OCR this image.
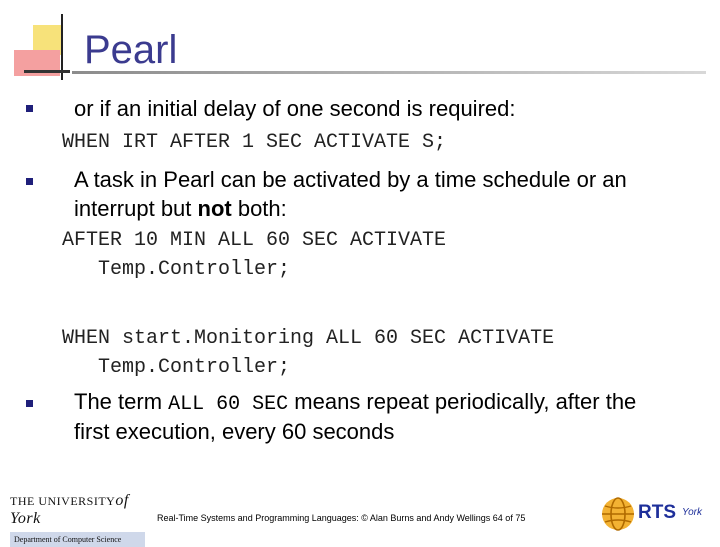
Pearl
or if an initial delay of one second is required:
WHEN IRT AFTER 1 SEC ACTIVATE S;
A task in Pearl can be activated by a time schedule or an
interrupt but not both:
AFTER 10 MIN ALL 60 SEC ACTIVATE
Temp.Controller;
WHEN start.Monitoring ALL 60 SEC ACTIVATE
Temp.Controller;
The term ALL 60 SEC means repeat periodically, after the
first execution, every 60 seconds
THE UNIVERSITYof York
Department of Computer Science
Real-Time Systems and Programming Languages: © Alan Burns and Andy Wellings 64 of 75	RTS York
